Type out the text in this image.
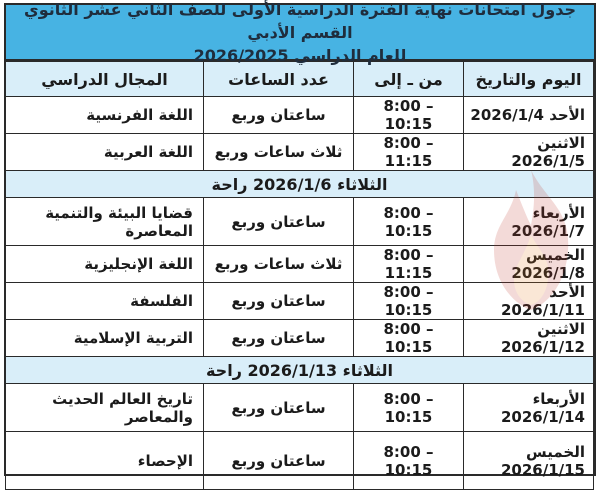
جدول امتحانات نهاية الفترة الدراسية الأولى للصف الثاني عشر الثانوي القسم الأدبي
للعام الدراسي 2026/2025
اليوم والتاريخ	من ـ إلى	عدد الساعات	المجال الدراسي
الأحد 2026/1/4	8:00 – 10:15	ساعتان وربع	اللغة الفرنسية
الاثنين 2026/1/5	8:00 – 11:15	ثلاث ساعات وربع	اللغة العربية
الثلاثاء 2026/1/6 راحة			
الأربعاء 2026/1/7	8:00 – 10:15	ساعتان وربع	قضايا البيئة والتنمية المعاصرة
الخميس 2026/1/8	8:00 – 11:15	ثلاث ساعات وربع	اللغة الإنجليزية
الأحد 2026/1/11	8:00 – 10:15	ساعتان وربع	الفلسفة
الاثنين 2026/1/12	8:00 – 10:15	ساعتان وربع	التربية الإسلامية
الثلاثاء 2026/1/13 راحة			
الأربعاء 2026/1/14	8:00 – 10:15	ساعتان وربع	تاريخ العالم الحديث والمعاصر
الخميس 2026/1/15	8:00 – 10:15	ساعتان وربع	الإحصاء
